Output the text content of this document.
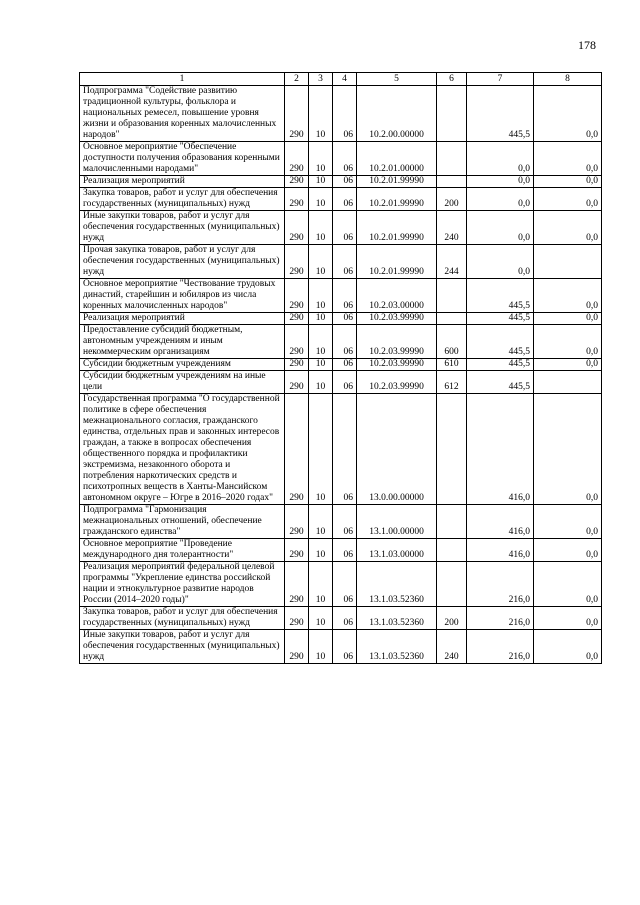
178
1	2	3	4	5	6	7	8
Подпрограмма "Содействие развитию традиционной культуры, фольклора и национальных ремесел, повышение уровня жизни и образования коренных малочисленных народов"	290	10	06	10.2.00.00000		445,5	0,0
Основное мероприятие "Обеспечение доступности получения образования коренными малочисленными народами"	290	10	06	10.2.01.00000		0,0	0,0
Реализация мероприятий	290	10	06	10.2.01.99990		0,0	0,0
Закупка товаров, работ и услуг для обеспечения государственных (муниципальных) нужд	290	10	06	10.2.01.99990	200	0,0	0,0
Иные закупки товаров, работ и услуг для обеспечения государственных (муниципальных) нужд	290	10	06	10.2.01.99990	240	0,0	0,0
Прочая закупка товаров, работ и услуг для обеспечения государственных (муниципальных) нужд	290	10	06	10.2.01.99990	244	0,0	
Основное мероприятие "Чествование трудовых династий, старейшин и юбиляров из числа коренных малочисленных народов"	290	10	06	10.2.03.00000		445,5	0,0
Реализация мероприятий	290	10	06	10.2.03.99990		445,5	0,0
Предоставление субсидий бюджетным, автономным учреждениям и иным некоммерческим организациям	290	10	06	10.2.03.99990	600	445,5	0,0
Субсидии бюджетным учреждениям	290	10	06	10.2.03.99990	610	445,5	0,0
Субсидии бюджетным учреждениям на иные цели	290	10	06	10.2.03.99990	612	445,5	
Государственная программа "О государственной политике в сфере обеспечения межнационального согласия, гражданского единства, отдельных прав и законных интересов граждан, а также в вопросах обеспечения общественного порядка и профилактики экстремизма, незаконного оборота и потребления наркотических средств и психотропных веществ в Ханты-Мансийском автономном округе – Югре в 2016–2020 годах"	290	10	06	13.0.00.00000		416,0	0,0
Подпрограмма "Гармонизация межнациональных отношений, обеспечение гражданского единства"	290	10	06	13.1.00.00000		416,0	0,0
Основное мероприятие "Проведение международного дня толерантности"	290	10	06	13.1.03.00000		416,0	0,0
Реализация мероприятий федеральной целевой программы "Укрепление единства российской нации и этнокультурное развитие народов России (2014–2020 годы)"	290	10	06	13.1.03.52360		216,0	0,0
Закупка товаров, работ и услуг для обеспечения государственных (муниципальных) нужд	290	10	06	13.1.03.52360	200	216,0	0,0
Иные закупки товаров, работ и услуг для обеспечения государственных (муниципальных) нужд	290	10	06	13.1.03.52360	240	216,0	0,0
